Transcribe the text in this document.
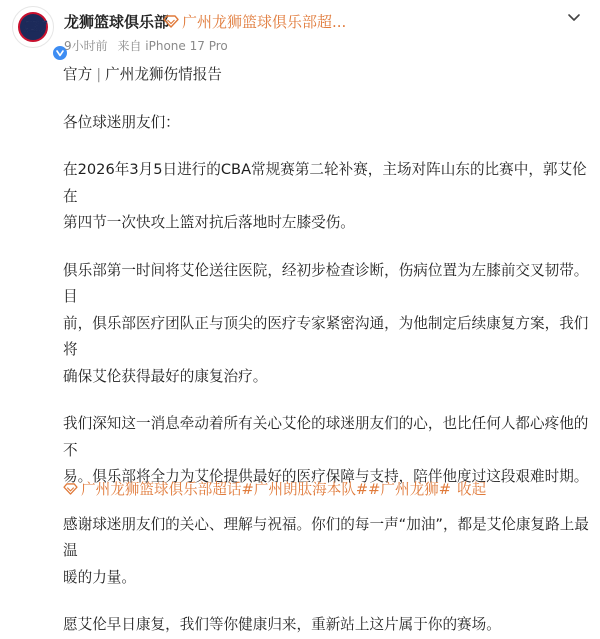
龍獅	龙狮篮球俱乐部 广州龙狮篮球俱乐部超...
9小时前 来自 iPhone 17 Pro

官方 | 广州龙狮伤情报告

各位球迷朋友们：

在2026年3月5日进行的CBA常规赛第二轮补赛，主场对阵山东的比赛中，郭艾伦在
第四节一次快攻上篮对抗后落地时左膝受伤。

俱乐部第一时间将艾伦送往医院，经初步检查诊断，伤病位置为左膝前交叉韧带。目
前，俱乐部医疗团队正与顶尖的医疗专家紧密沟通，为他制定后续康复方案，我们将
确保艾伦获得最好的康复治疗。

我们深知这一消息牵动着所有关心艾伦的球迷朋友们的心，也比任何人都心疼他的不
易。俱乐部将全力为艾伦提供最好的医疗保障与支持，陪伴他度过这段艰难时期。

感谢球迷朋友们的关心、理解与祝福。你们的每一声“加油”，都是艾伦康复路上最温
暖的力量。

愿艾伦早日康复，我们等你健康归来，重新站上这片属于你的赛场。

广州龙狮篮球俱乐部超话 #广州朗肽海本队# #广州龙狮# 收起
